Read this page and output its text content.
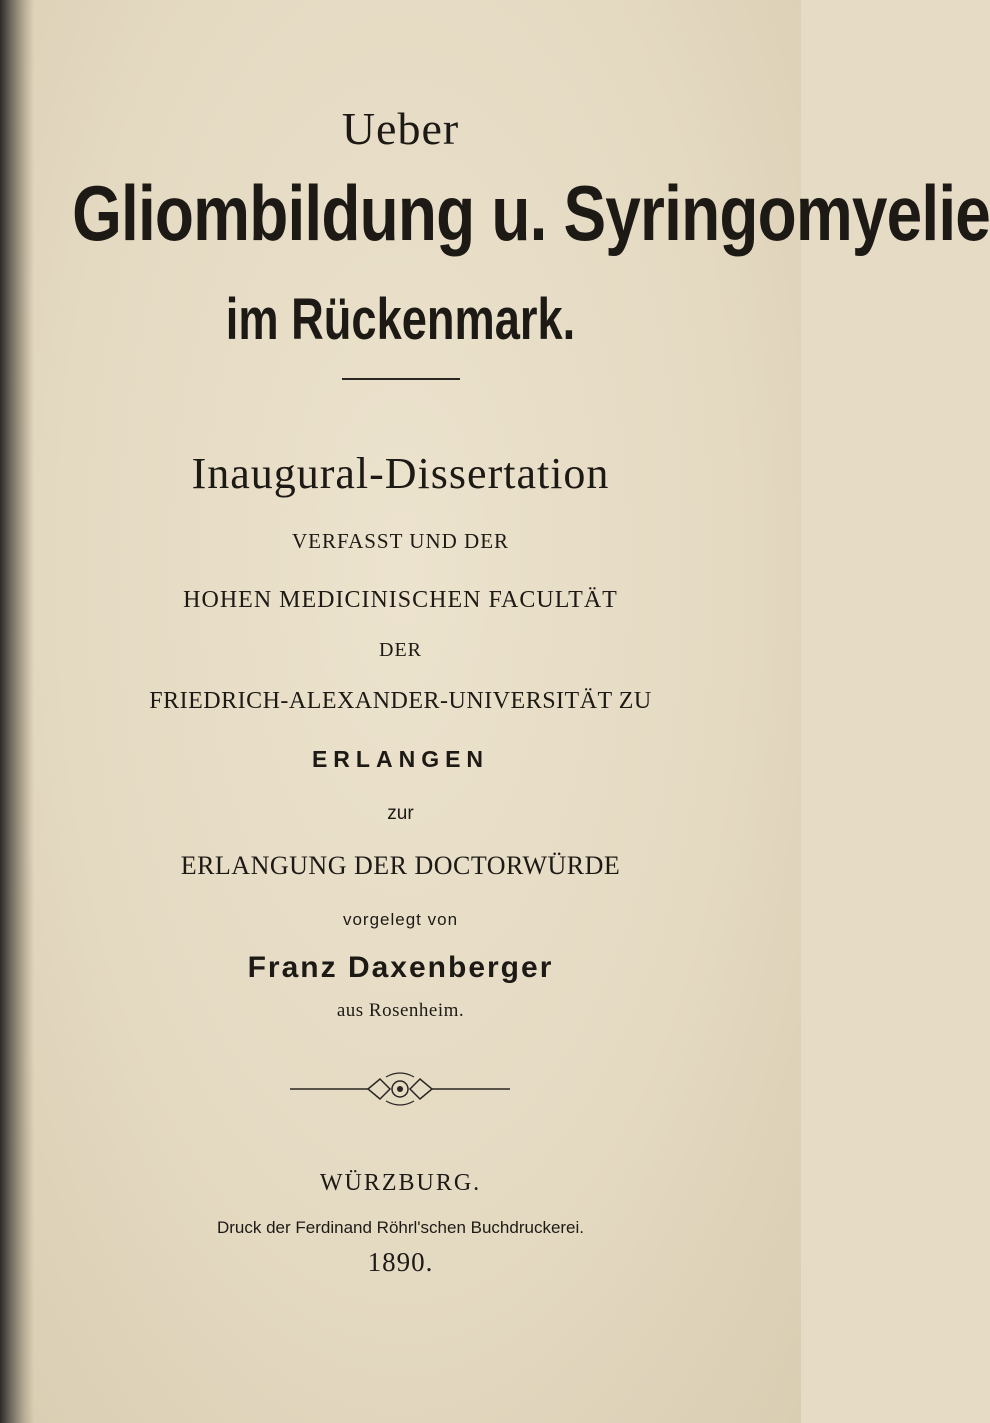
Ueber
Gliombildung u. Syringomyelie
im Rückenmark.
Inaugural-Dissertation
VERFASST UND DER
HOHEN MEDICINISCHEN FACULTÄT
DER
FRIEDRICH-ALEXANDER-UNIVERSITÄT ZU
ERLANGEN
zur
ERLANGUNG DER DOCTORWÜRDE
vorgelegt von
Franz Daxenberger
aus Rosenheim.
WÜRZBURG.
Druck der Ferdinand Röhrl'schen Buchdruckerei.
1890.
